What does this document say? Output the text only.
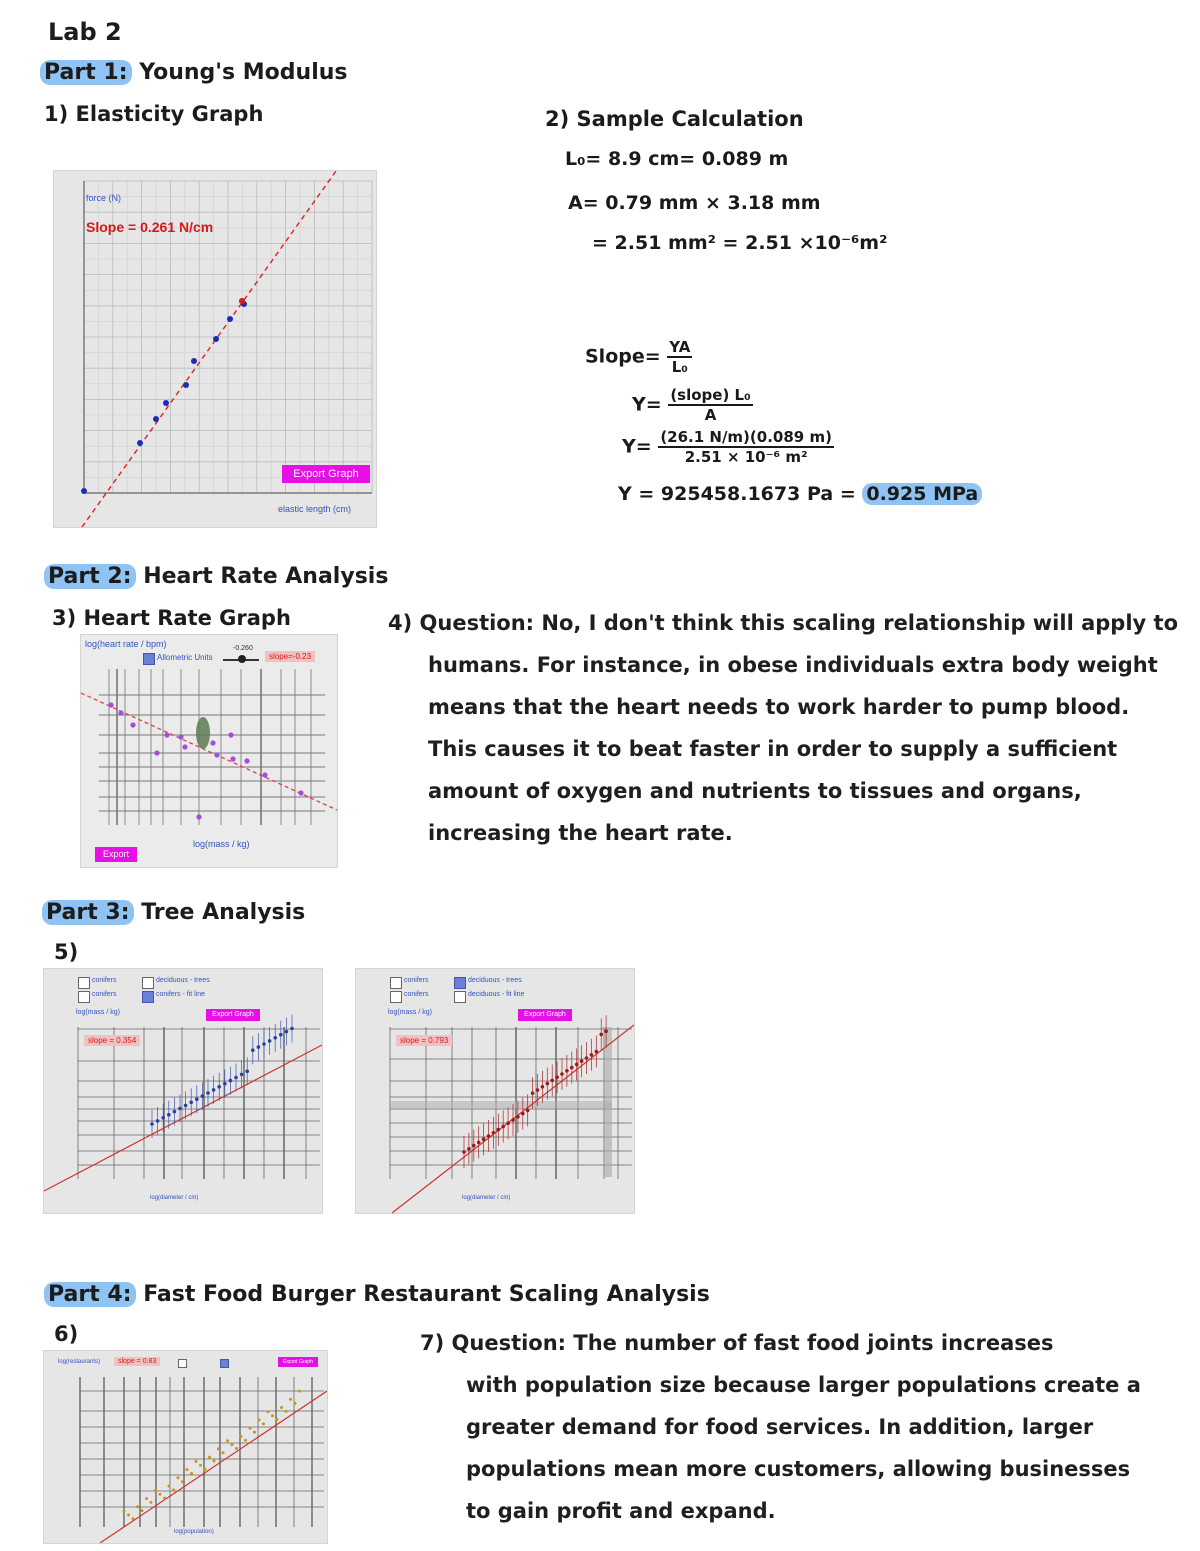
Lab 2
Part 1: Young's Modulus
1) Elasticity Graph	2) Sample Calculation
force (N)
Slope = 0.261 N/cm
Export Graph
elastic length (cm)
L₀= 8.9 cm= 0.089 m
A= 0.79 mm × 3.18 mm
= 2.51 mm² = 2.51 ×10⁻⁶m²
Slope= $\frac{YA}{\text{L₀}}$
$Y= \frac{\text{(slope) L₀}}{A}$
$Y= \frac{(26.1 N/m)(0.089 m)}{\text{2.51 × 10⁻⁶ m²}}$
Y = 925458.1673 Pa = 0.925 MPa
Part 2: Heart Rate Analysis
3) Heart Rate Graph
log(heart rate / bpm)
Allometric Units
-0.260
slope=-0.23
log(mass / kg)
Export
4) Question: No, I don't think this scaling relationship will apply to
humans. For instance, in obese individuals extra body weight
means that the heart needs to work harder to pump blood.
This causes it to beat faster in order to supply a sufficient
amount of oxygen and nutrients to tissues and organs,
increasing the heart rate.
Part 3: Tree Analysis
5)
conifers	deciduous - trees
conifers	conifers - fit line
log(mass / kg)	Export Graph
slope = 0.354
log(diameter / cm)
conifers	deciduous - trees
conifers	deciduous - fit line
log(mass / kg)	Export Graph
slope = 0.793
log(diameter / cm)
Part 4: Fast Food Burger Restaurant Scaling Analysis
6)
log(restaurants)	slope = 0.83	Export Graph
log(population)
7) Question: The number of fast food joints increases
with population size because larger populations create a
greater demand for food services. In addition, larger
populations mean more customers, allowing businesses
to gain profit and expand.
